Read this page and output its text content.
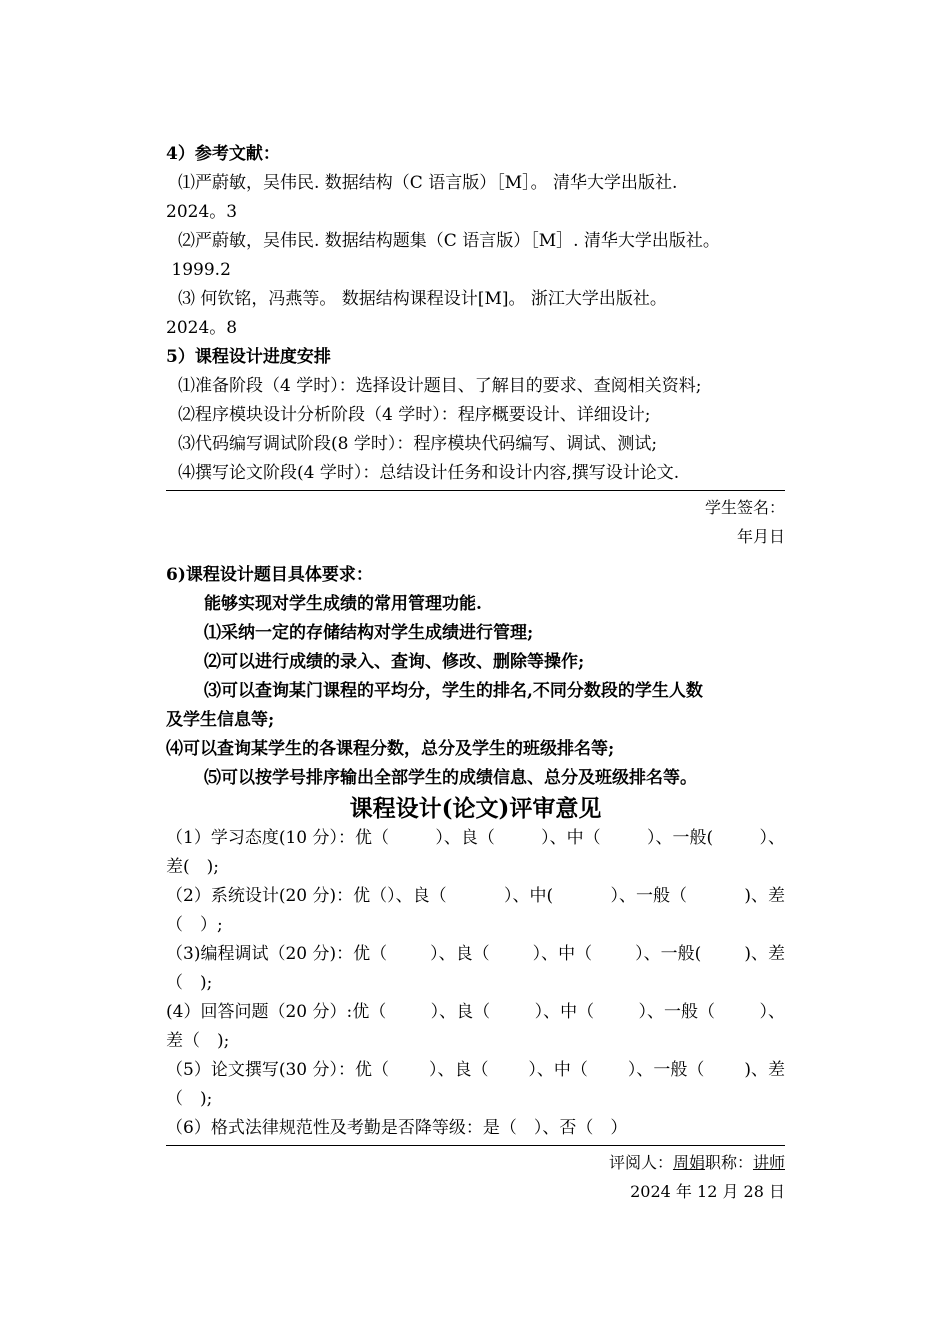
4）参考文献：
⑴严蔚敏，吴伟民. 数据结构（C 语言版）［M］。 清华大学出版社.
2024。3
⑵严蔚敏，吴伟民. 数据结构题集（C 语言版）［M］. 清华大学出版社。
1999.2
⑶ 何钦铭，冯燕等。 数据结构课程设计[M]。 浙江大学出版社。
2024。8
5）课程设计进度安排
⑴准备阶段（4 学时）：选择设计题目、了解目的要求、查阅相关资料;
⑵程序模块设计分析阶段（4 学时）：程序概要设计、详细设计;
⑶代码编写调试阶段(8 学时）：程序模块代码编写、调试、测试;
⑷撰写论文阶段(4 学时）：总结设计任务和设计内容,撰写设计论文.
学生签名：
年月日
6)课程设计题目具体要求：
能够实现对学生成绩的常用管理功能.
⑴采纳一定的存储结构对学生成绩进行管理;
⑵可以进行成绩的录入、查询、修改、删除等操作;
⑶可以查询某门课程的平均分，学生的排名,不同分数段的学生人数
及学生信息等;
⑷可以查询某学生的各课程分数，总分及学生的班级排名等;
⑸可以按学号排序输出全部学生的成绩信息、总分及班级排名等。
课程设计(论文)评审意见
（1）学习态度(10 分）：优（	）、良（	）、中（	）、一般(	）、
差(　);
（2）系统设计(20 分)：优（）、良（	）、中(	）、一般（	)、差
（　）;
（3)编程调试（20 分)：优（	）、良（	）、中（	）、一般(	)、差
（　);
(4）回答问题（20 分）:优（	）、良（	）、中（	）、一般（	）、
差（　);
（5）论文撰写(30 分）：优（ ）、良（ ）、中（ ）、一般（ )、差
（　);
（6）格式法律规范性及考勤是否降等级：是（　）、否（　）
评阅人：周娟职称：讲师
2024 年 12 月 28 日
